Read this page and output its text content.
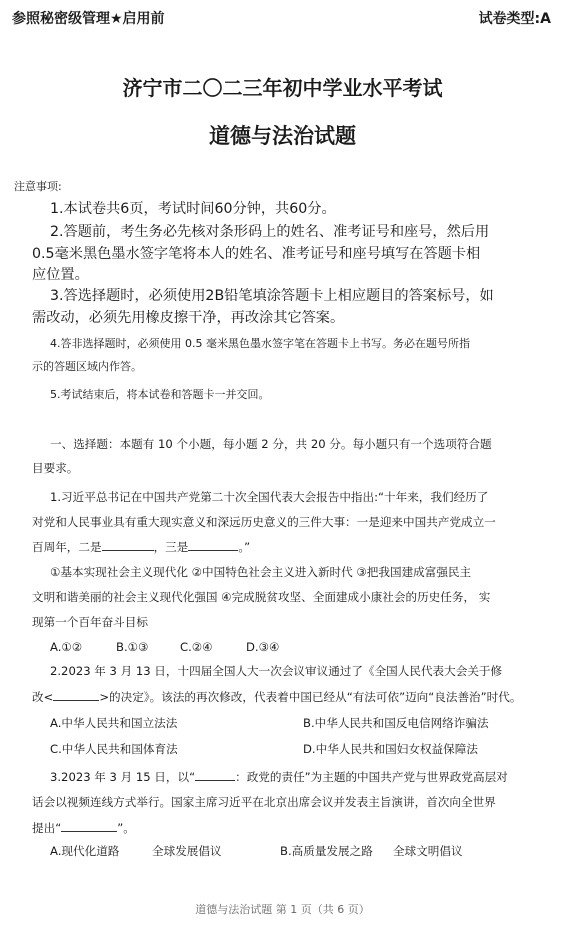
参照秘密级管理★启用前	试卷类型:A
济宁市二〇二三年初中学业水平考试
道德与法治试题
注意事项:
1.本试卷共6页，考试时间60分钟，共60分。
2.答题前，考生务必先核对条形码上的姓名、准考证号和座号，然后用
0.5毫米黑色墨水签字笔将本人的姓名、准考证号和座号填写在答题卡相
应位置。
3.答选择题时，必须使用2B铅笔填涂答题卡上相应题目的答案标号，如
需改动，必须先用橡皮擦干净，再改涂其它答案。
4.答非选择题时，必须使用 0.5 毫米黑色墨水签字笔在答题卡上书写。务必在题号所指
示的答题区域内作答。
5.考试结束后，将本试卷和答题卡一并交回。
一、选择题：本题有 10 个小题，每小题 2 分，共 20 分。每小题只有一个选项符合题
目要求。
1.习近平总书记在中国共产党第二十次全国代表大会报告中指出:“十年来，我们经历了
对党和人民事业具有重大现实意义和深远历史意义的三件大事：一是迎来中国共产党成立一
百周年，二是	，三是	。”
①基本实现社会主义现代化 ②中国特色社会主义进入新时代 ③把我国建成富强民主
文明和谐美丽的社会主义现代化强国 ④完成脱贫攻坚、全面建成小康社会的历史任务， 实
现第一个百年奋斗目标
A.①②	B.①③	C.②④	D.③④
2.2023 年 3 月 13 日，十四届全国人大一次会议审议通过了《全国人民代表大会关于修
改<	>的决定》。该法的再次修改，代表着中国已经从“有法可依”迈向“良法善治”时代。
A.中华人民共和国立法法	B.中华人民共和国反电信网络诈骗法
C.中华人民共和国体育法	D.中华人民共和国妇女权益保障法
3.2023 年 3 月 15 日，以“	：政党的责任”为主题的中国共产党与世界政党高层对
话会以视频连线方式举行。国家主席习近平在北京出席会议并发表主旨演讲，首次向全世界
提出“	”。
A.现代化道路	全球发展倡议	B.高质量发展之路 全球文明倡议
道德与法治试题 第 1 页（共 6 页）
